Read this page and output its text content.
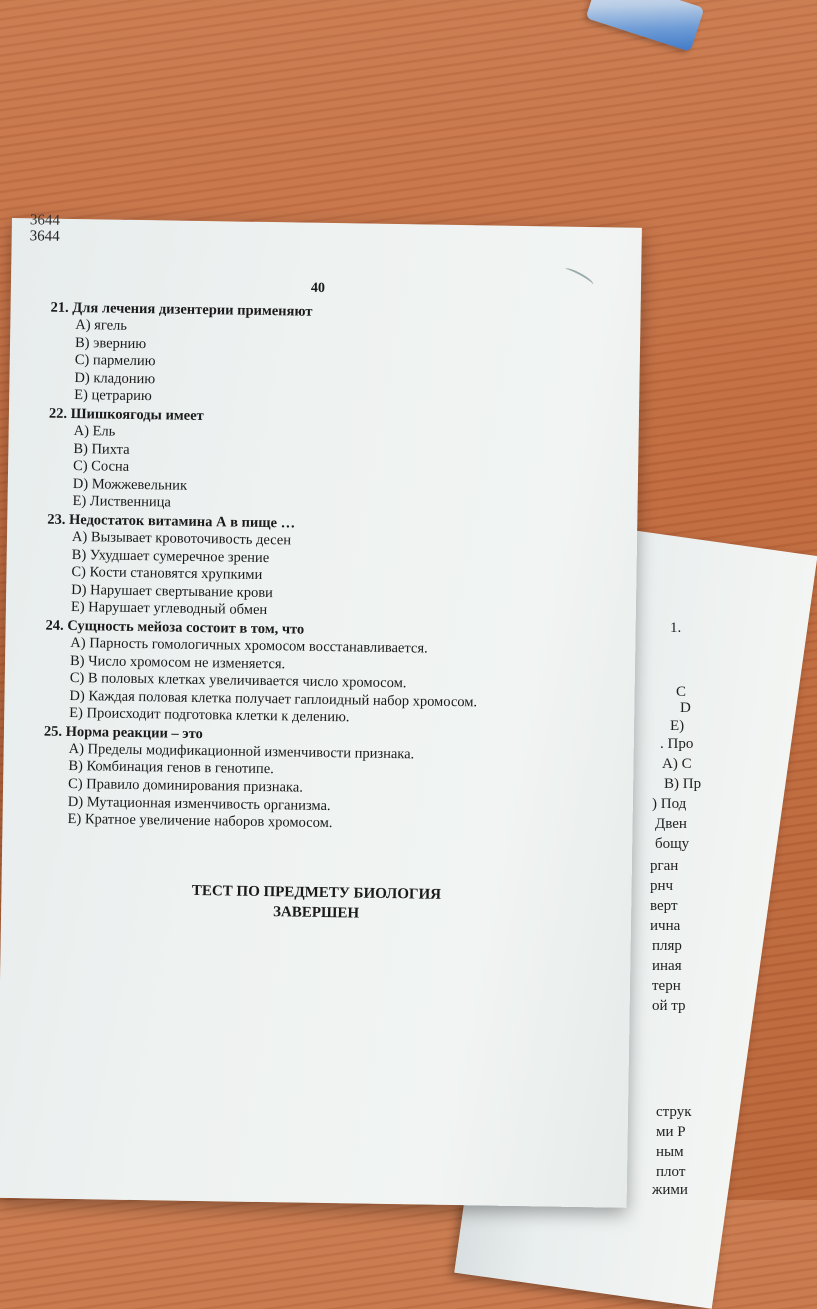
1.
C
D
E)
. Про
A) С
B) Пр
) Под
Двен
бощу
рган
рнч
верт
ична
пляр
иная
терн
ой тр
струк
ми Р
ным
плот
жими
3644
3644
40

21. Для лечения дизентерии применяют

A) ягель

B) эвернию

C) пармелию

D) кладонию

E) цетрарию

22. Шишкоягоды имеет

A) Ель

B) Пихта

C) Сосна

D) Можжевельник

E) Лиственница

23. Недостаток витамина А в пище …

A) Вызывает кровоточивость десен

B) Ухудшает сумеречное зрение

C) Кости становятся хрупкими

D) Нарушает свертывание крови

E) Нарушает углеводный обмен

24. Сущность мейоза состоит в том, что

A) Парность гомологичных хромосом восстанавливается.

B) Число хромосом не изменяется.

C) В половых клетках увеличивается число хромосом.

D) Каждая половая клетка получает гаплоидный набор хромосом.

E) Происходит подготовка клетки к делению.

25. Норма реакции – это

A) Пределы модификационной изменчивости признака.

B) Комбинация генов в генотипе.

C) Правило доминирования признака.

D) Мутационная изменчивость организма.

E) Кратное увеличение наборов хромосом.

ТЕСТ ПО ПРЕДМЕТУ БИОЛОГИЯ
ЗАВЕРШЕН
